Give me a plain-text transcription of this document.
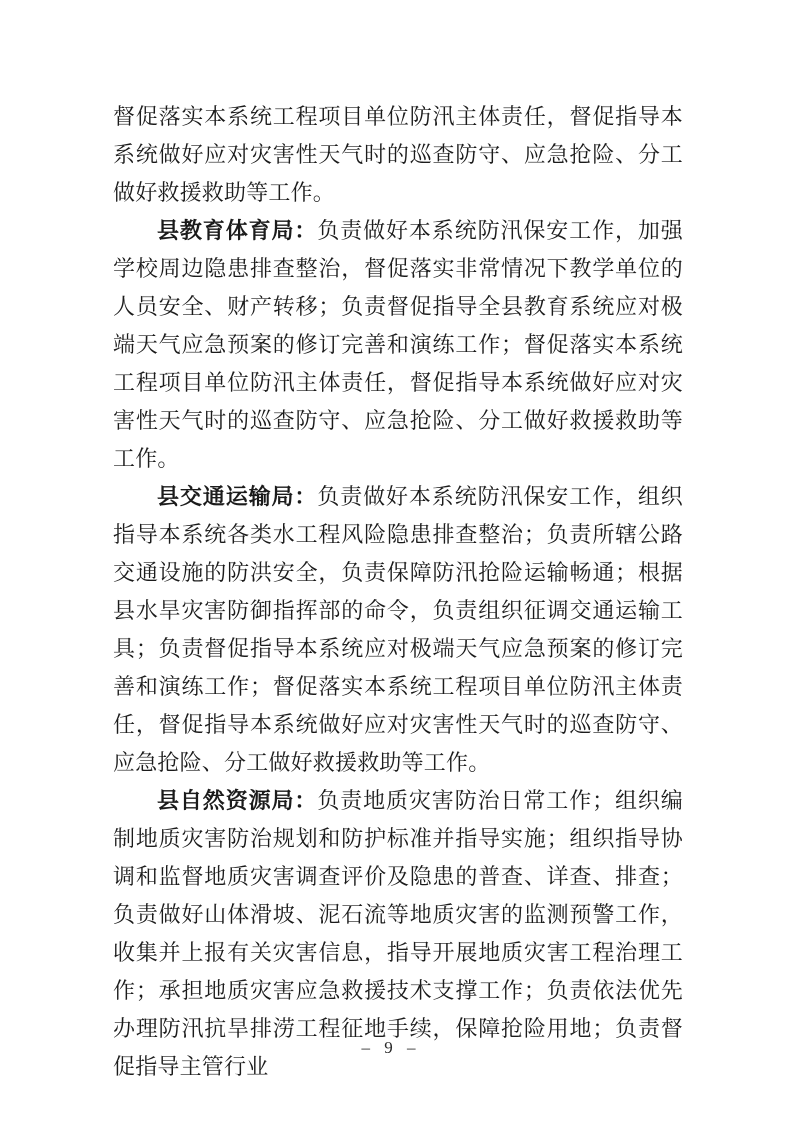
督促落实本系统工程项目单位防汛主体责任，督促指导本系统做好应对灾害性天气时的巡查防守、应急抢险、分工做好救援救助等工作。

县教育体育局：负责做好本系统防汛保安工作，加强学校周边隐患排查整治，督促落实非常情况下教学单位的人员安全、财产转移；负责督促指导全县教育系统应对极端天气应急预案的修订完善和演练工作；督促落实本系统工程项目单位防汛主体责任，督促指导本系统做好应对灾害性天气时的巡查防守、应急抢险、分工做好救援救助等工作。

县交通运输局：负责做好本系统防汛保安工作，组织指导本系统各类水工程风险隐患排查整治；负责所辖公路交通设施的防洪安全，负责保障防汛抢险运输畅通；根据县水旱灾害防御指挥部的命令，负责组织征调交通运输工具；负责督促指导本系统应对极端天气应急预案的修订完善和演练工作；督促落实本系统工程项目单位防汛主体责任，督促指导本系统做好应对灾害性天气时的巡查防守、应急抢险、分工做好救援救助等工作。

县自然资源局：负责地质灾害防治日常工作；组织编制地质灾害防治规划和防护标准并指导实施；组织指导协调和监督地质灾害调查评价及隐患的普查、详查、排查；负责做好山体滑坡、泥石流等地质灾害的监测预警工作，收集并上报有关灾害信息，指导开展地质灾害工程治理工作；承担地质灾害应急救援技术支撑工作；负责依法优先办理防汛抗旱排涝工程征地手续，保障抢险用地；负责督促指导主管行业

– 9 –
